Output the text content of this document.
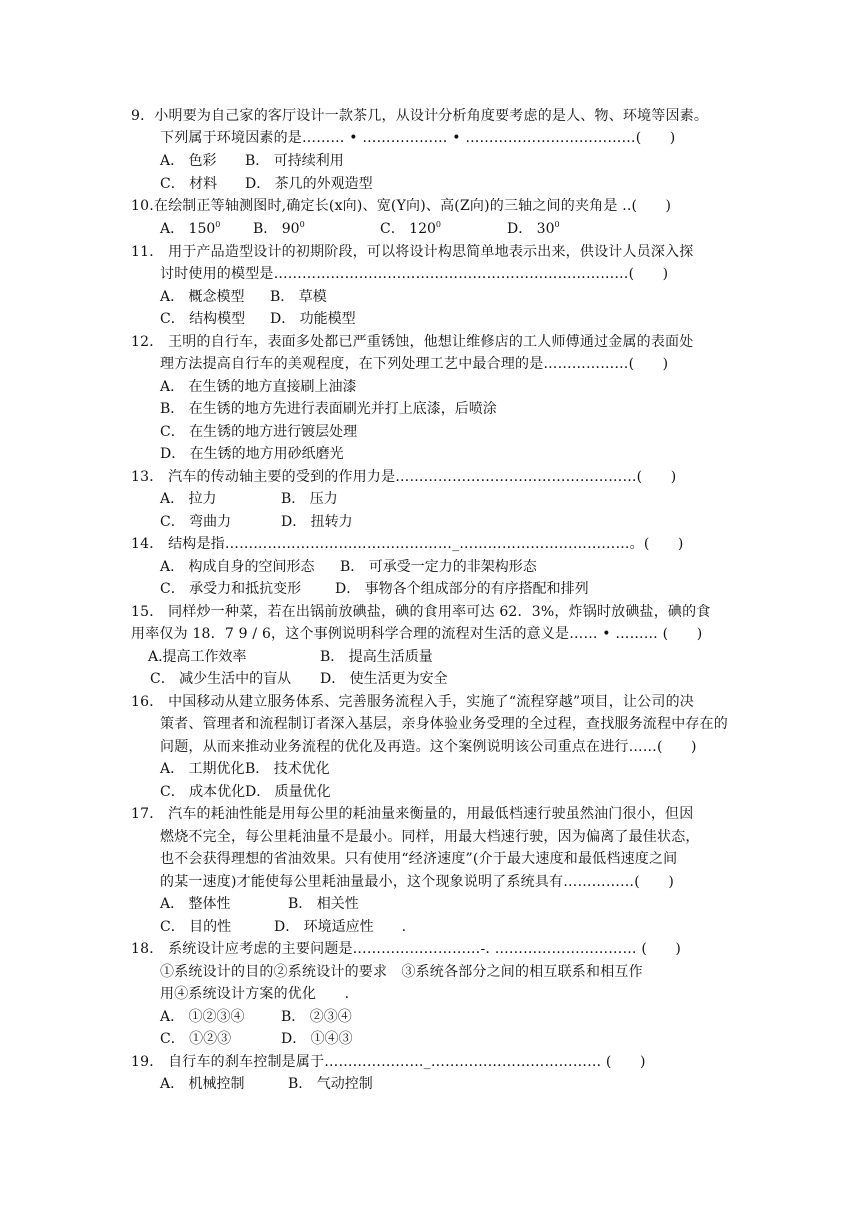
9．小明要为自己家的客厅设计一款茶几，从设计分析角度要考虑的是人、物、环境等因素。
下列属于环境因素的是……… • ……………… • ………………………………(　　)
A． 色彩 B． 可持续利用
C． 材料 D． 茶几的外观造型
10.在绘制正等轴测图时,确定长(x向)、宽(Y向)、高(Z向)的三轴之间的夹角是 ..(　　)
A． $150^0$ B． $90^0$	C． $120^0$	D． $30^0$
11． 用于产品造型设计的初期阶段，可以将设计构思简单地表示出来，供设计人员深入探
讨时使用的模型是…………………………………………………………………(　　)
A． 概念模型 B． 草模
C． 结构模型 D． 功能模型
12． 王明的自行车，表面多处都已严重锈蚀，他想让维修店的工人师傅通过金属的表面处
理方法提高自行车的美观程度，在下列处理工艺中最合理的是………………(　　)
A． 在生锈的地方直接刷上油漆
B． 在生锈的地方先进行表面刷光并打上底漆，后喷涂
C． 在生锈的地方进行镀层处理
D． 在生锈的地方用砂纸磨光
13． 汽车的传动轴主要的受到的作用力是……………………………………………(　　)
A． 拉力	B． 压力
C． 弯曲力	D． 扭转力
14． 结构是指…………………………………………_………………………………。(　　)
A． 构成自身的空间形态 B． 可承受一定力的非架构形态
C． 承受力和抵抗变形 D． 事物各个组成部分的有序搭配和排列
15． 同样炒一种菜，若在出锅前放碘盐，碘的食用率可达 62．3%，炸锅时放碘盐，碘的食
用率仅为 18．7 9 / 6，这个事例说明科学合理的流程对生活的意义是…… • ……… (　　)
A.提高工作效率	B． 提高生活质量
C． 减少生活中的盲从 D． 使生活更为安全
16． 中国移动从建立服务体系、完善服务流程入手，实施了“流程穿越”项目，让公司的决
策者、管理者和流程制订者深入基层，亲身体验业务受理的全过程，查找服务流程中存在的
问题，从而来推动业务流程的优化及再造。这个案例说明该公司重点在进行……(　　)
A． 工期优化 B． 技术优化
C． 成本优化 D． 质量优化
17． 汽车的耗油性能是用每公里的耗油量来衡量的，用最低档速行驶虽然油门很小，但因
燃烧不完全，每公里耗油量不是最小。同样，用最大档速行驶，因为偏离了最佳状态，
也不会获得理想的省油效果。只有使用“经济速度”(介于最大速度和最低档速度之间
的某一速度)才能使每公里耗油量最小，这个现象说明了系统具有……………(　　)
A． 整体性	B． 相关性
C． 目的性	D． 环境适应性　　.
18． 系统设计应考虑的主要问题是………………………-. ………………………… (　　)
①系统设计的目的②系统设计的要求　③系统各部分之间的相互联系和相互作
用④系统设计方案的优化　　.
A． ①②③④	B． ②③④
C． ①②③	D． ①④③
19． 自行车的刹车控制是属于…………………_……………………………… (　　)
A． 机械控制	B． 气动控制
